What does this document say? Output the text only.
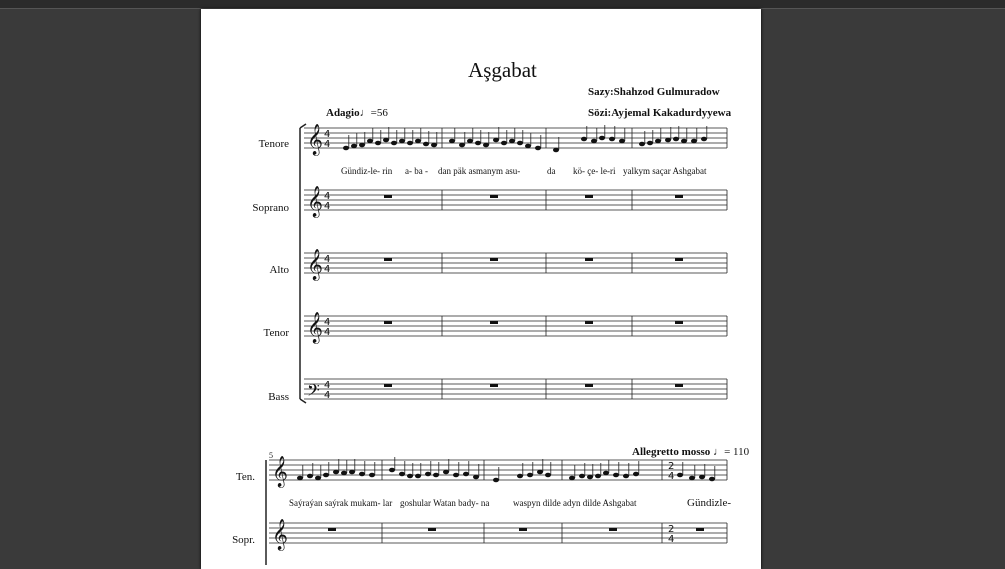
Aşgabat
Sazy:Shahzod Gulmuradow
Sözi:Ayjemal Kakadurdyyewa
Adagio♩=56
Allegretto mosso ♩= 110
Tenore
Soprano
Alto
Tenor
Bass
Gündiz-le- rin a- ba - dan päk asmanym asu-	da kö- çe- le-ri yalkym saçar Ashgabat
5
Ten.
Sopr.
Saýraýan saýrak mukam- lar goshular Watan bady- na	waspyn dilde adyn dilde Ashgabat	Gündizle-
𝄞 4
4
𝄞 4
4
𝄞 4
4
𝄞 4
4
𝄢 4
4
𝄞	2
4
𝄞	2
4
